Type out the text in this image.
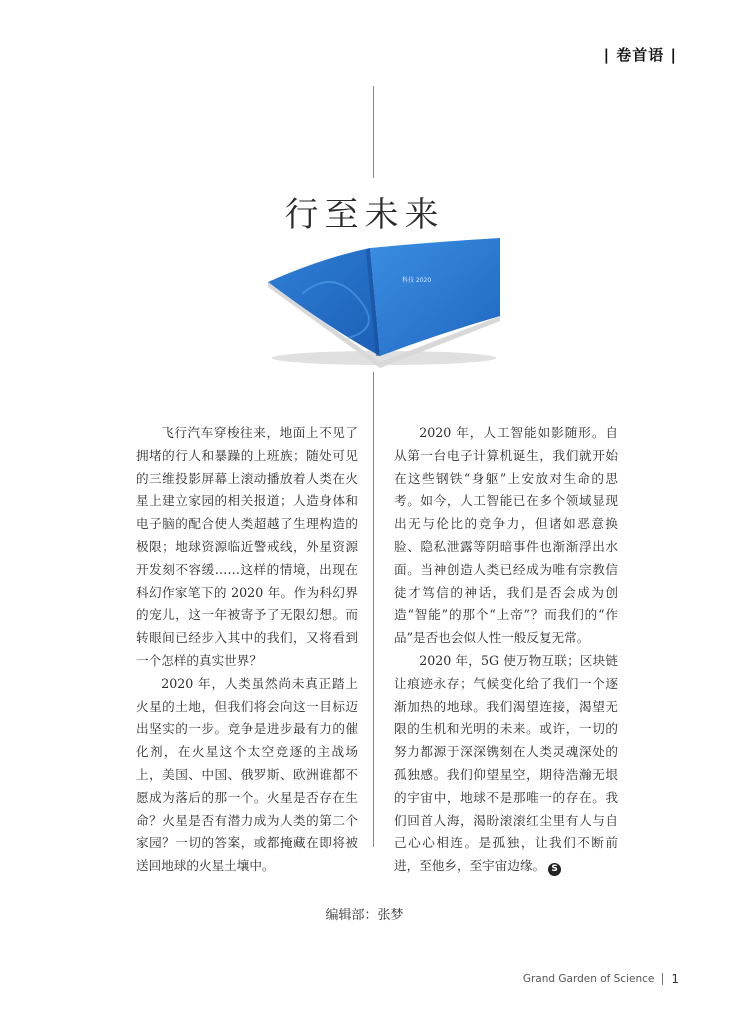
| 卷首语 |
行至未来
科技 2020

飞行汽车穿梭往来，地面上不见了拥堵的行人和暴躁的上班族；随处可见的三维投影屏幕上滚动播放着人类在火星上建立家园的相关报道；人造身体和电子脑的配合使人类超越了生理构造的极限；地球资源临近警戒线，外星资源开发刻不容缓……这样的情境，出现在科幻作家笔下的 2020 年。作为科幻界的宠儿，这一年被寄予了无限幻想。而转眼间已经步入其中的我们，又将看到一个怎样的真实世界？

2020 年，人类虽然尚未真正踏上火星的土地，但我们将会向这一目标迈出坚实的一步。竞争是进步最有力的催化剂，在火星这个太空竞逐的主战场上，美国、中国、俄罗斯、欧洲谁都不愿成为落后的那一个。火星是否存在生命？火星是否有潜力成为人类的第二个家园？一切的答案，或都掩藏在即将被送回地球的火星土壤中。

2020 年，人工智能如影随形。自从第一台电子计算机诞生，我们就开始在这些钢铁“身躯”上安放对生命的思考。如今，人工智能已在多个领域显现出无与伦比的竞争力，但诸如恶意换脸、隐私泄露等阴暗事件也渐渐浮出水面。当神创造人类已经成为唯有宗教信徒才笃信的神话，我们是否会成为创造“智能”的那个“上帝”？而我们的“作品”是否也会似人性一般反复无常。

2020 年，5G 使万物互联；区块链让痕迹永存；气候变化给了我们一个逐渐加热的地球。我们渴望连接，渴望无限的生机和光明的未来。或许，一切的努力都源于深深镌刻在人类灵魂深处的孤独感。我们仰望星空，期待浩瀚无垠的宇宙中，地球不是那唯一的存在。我们回首人海，渴盼滚滚红尘里有人与自己心心相连。是孤独，让我们不断前进，至他乡，至宇宙边缘。 S

编辑部：张梦
Grand Garden of Science 1
